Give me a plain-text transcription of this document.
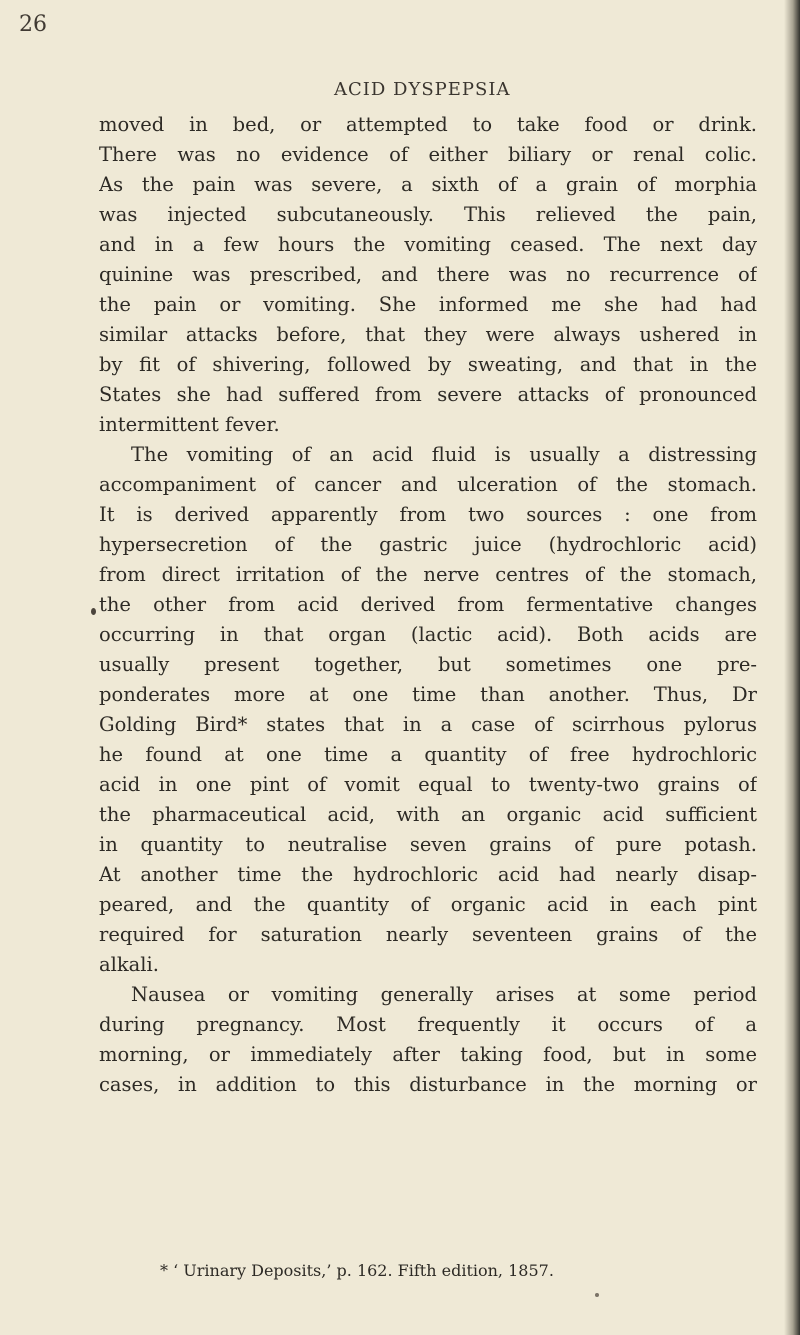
26
ACID DYSPEPSIA
moved in bed, or attempted to take food or drink.
There was no evidence of either biliary or renal colic.
As the pain was severe, a sixth of a grain of morphia
was injected subcutaneously. This relieved the pain,
and in a few hours the vomiting ceased. The next day
quinine was prescribed, and there was no recurrence of
the pain or vomiting. She informed me she had had
similar attacks before, that they were always ushered in
by fit of shivering, followed by sweating, and that in the
States she had suffered from severe attacks of pronounced
intermittent fever.
The vomiting of an acid fluid is usually a distressing
accompaniment of cancer and ulceration of the stomach.
It is derived apparently from two sources : one from
hypersecretion of the gastric juice (hydrochloric acid)
from direct irritation of the nerve centres of the stomach,
the other from acid derived from fermentative changes
occurring in that organ (lactic acid). Both acids are
usually present together, but sometimes one pre-
ponderates more at one time than another. Thus, Dr
Golding Bird* states that in a case of scirrhous pylorus
he found at one time a quantity of free hydrochloric
acid in one pint of vomit equal to twenty-two grains of
the pharmaceutical acid, with an organic acid sufficient
in quantity to neutralise seven grains of pure potash.
At another time the hydrochloric acid had nearly disap-
peared, and the quantity of organic acid in each pint
required for saturation nearly seventeen grains of the
alkali.
Nausea or vomiting generally arises at some period
during pregnancy. Most frequently it occurs of a
morning, or immediately after taking food, but in some
cases, in addition to this disturbance in the morning or
* ‘ Urinary Deposits,’ p. 162. Fifth edition, 1857.
